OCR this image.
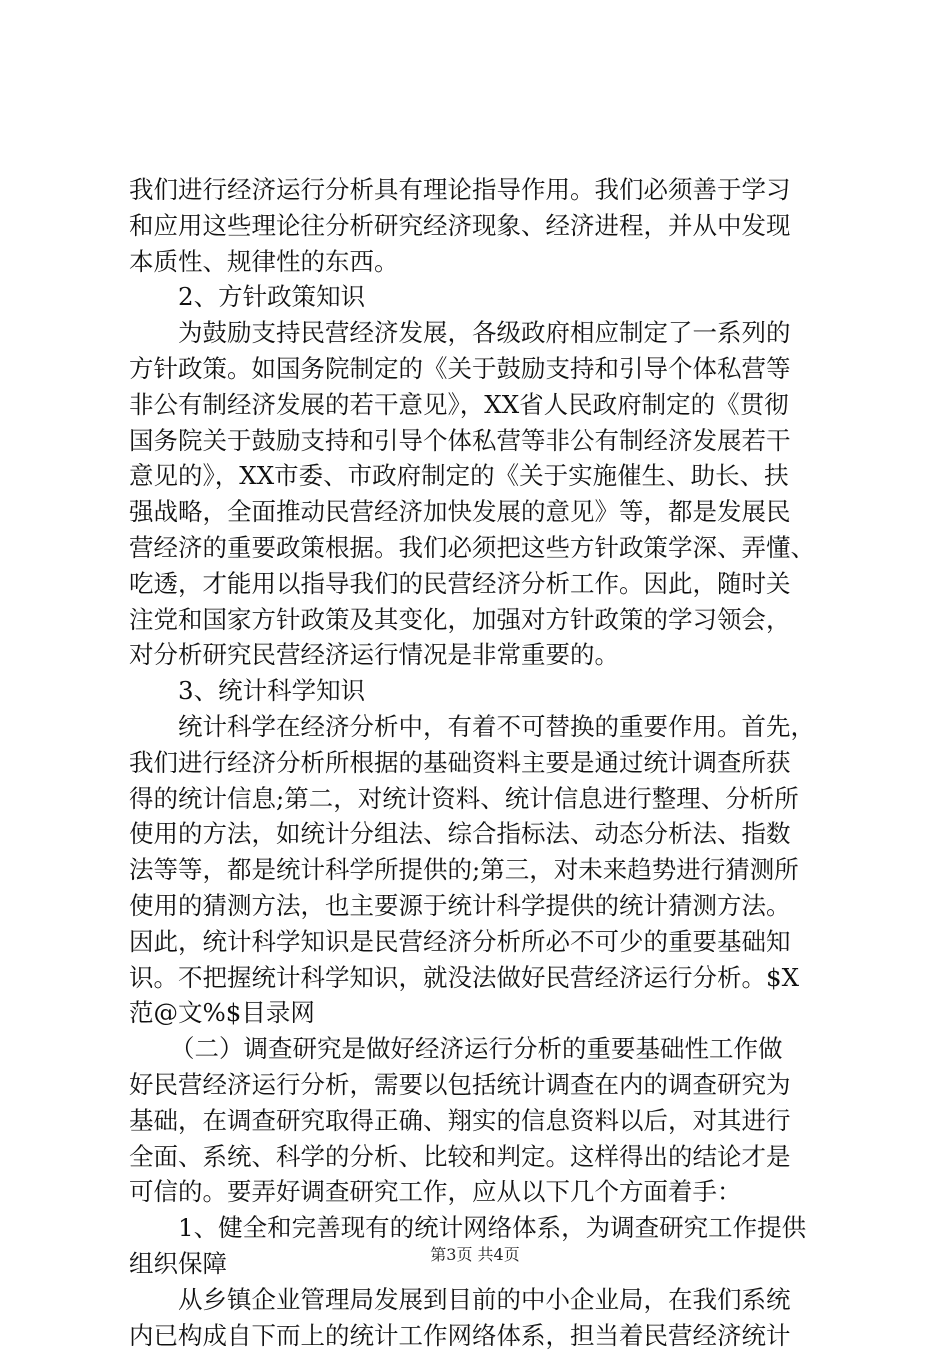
我们进行经济运行分析具有理论指导作用。我们必须善于学习
和应用这些理论往分析研究经济现象、经济进程，并从中发现
本质性、规律性的东西。
2、方针政策知识
为鼓励支持民营经济发展，各级政府相应制定了一系列的
方针政策。如国务院制定的《关于鼓励支持和引导个体私营等
非公有制经济发展的若干意见》，XX省人民政府制定的《贯彻
国务院关于鼓励支持和引导个体私营等非公有制经济发展若干
意见的》，XX市委、市政府制定的《关于实施催生、助长、扶
强战略，全面推动民营经济加快发展的意见》等，都是发展民
营经济的重要政策根据。我们必须把这些方针政策学深、弄懂、
吃透，才能用以指导我们的民营经济分析工作。因此，随时关
注党和国家方针政策及其变化，加强对方针政策的学习领会，
对分析研究民营经济运行情况是非常重要的。
3、统计科学知识
统计科学在经济分析中，有着不可替换的重要作用。首先，
我们进行经济分析所根据的基础资料主要是通过统计调查所获
得的统计信息;第二，对统计资料、统计信息进行整理、分析所
使用的方法，如统计分组法、综合指标法、动态分析法、指数
法等等，都是统计科学所提供的;第三，对未来趋势进行猜测所
使用的猜测方法，也主要源于统计科学提供的统计猜测方法。
因此，统计科学知识是民营经济分析所必不可少的重要基础知
识。不把握统计科学知识，就没法做好民营经济运行分析。$X
范@文%$目录网
（二）调查研究是做好经济运行分析的重要基础性工作做
好民营经济运行分析，需要以包括统计调查在内的调查研究为
基础，在调查研究取得正确、翔实的信息资料以后，对其进行
全面、系统、科学的分析、比较和判定。这样得出的结论才是
可信的。要弄好调查研究工作，应从以下几个方面着手：
1、健全和完善现有的统计网络体系，为调查研究工作提供
组织保障
从乡镇企业管理局发展到目前的中小企业局，在我们系统
内已构成自下而上的统计工作网络体系，担当着民营经济统计
第3页 共4页
